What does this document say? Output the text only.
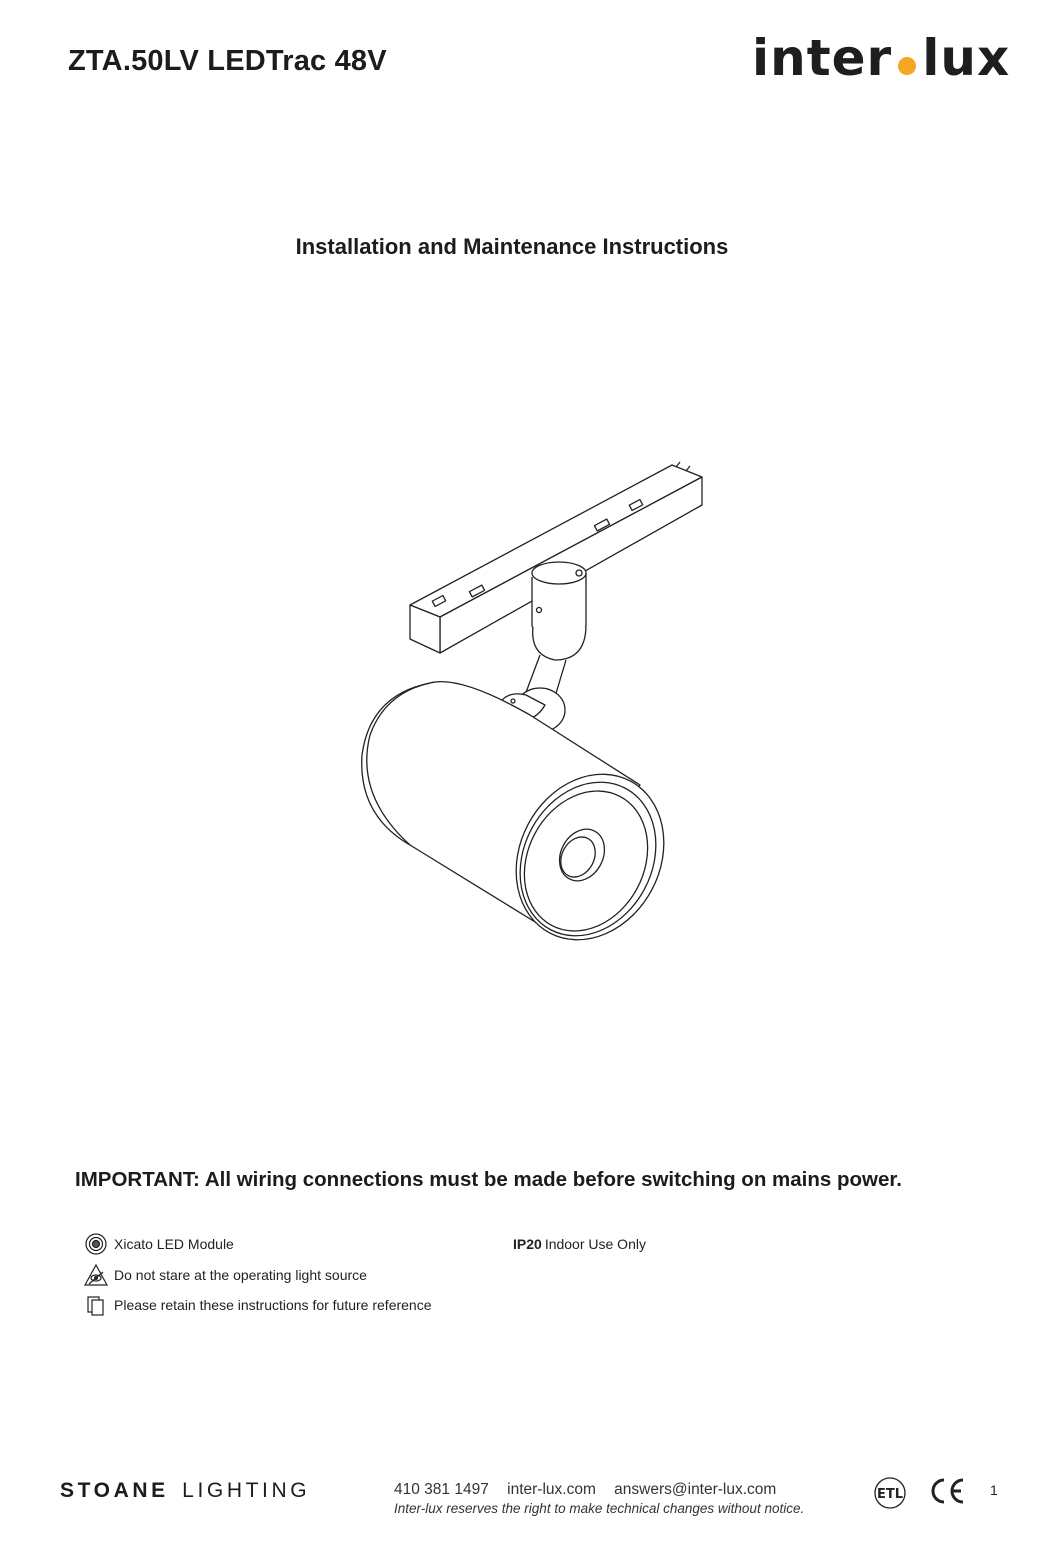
ZTA.50LV LEDTrac 48V	inter lux
Installation and Maintenance Instructions
IMPORTANT: All wiring connections must be made before switching on mains power.
Xicato LED Module
Do not stare at the operating light source
Please retain these instructions for future reference
IP20 Indoor Use Only
STOANE LIGHTING	410 381 1497 inter-lux.com answers@inter-lux.com
Inter-lux reserves the right to make technical changes without notice.
ETL	1
